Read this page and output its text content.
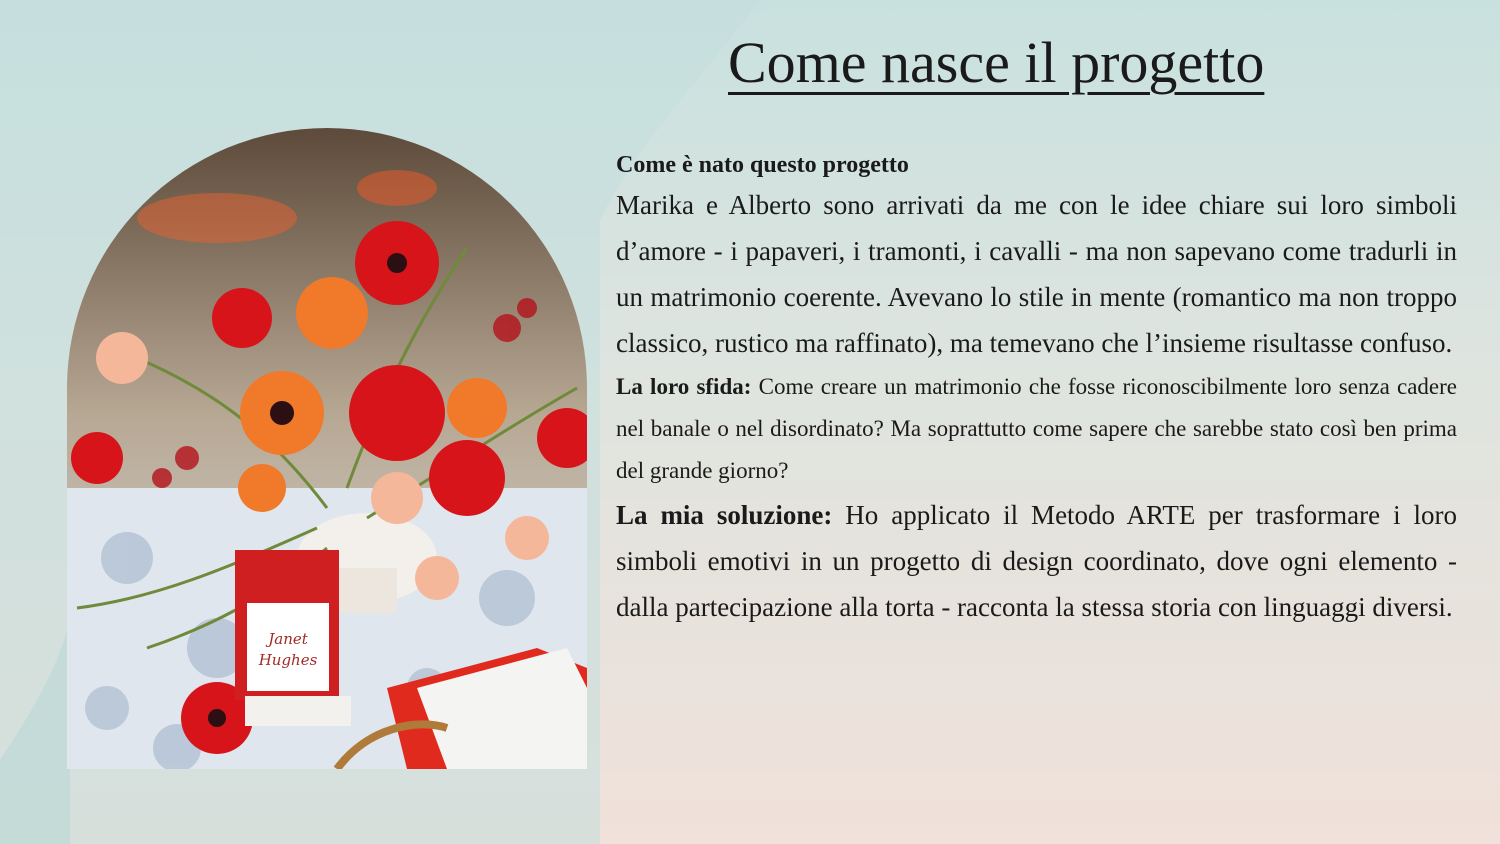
Come nasce il progetto
Janet
Hughes

Come è nato questo progetto

Marika e Alberto sono arrivati da me con le idee chiare sui loro simboli d’amore - i papaveri, i tramonti, i cavalli - ma non sapevano come tradurli in un matrimonio coerente. Avevano lo stile in mente (romantico ma non troppo classico, rustico ma raffinato), ma temevano che l’insieme risultasse confuso.

La loro sfida: Come creare un matrimonio che fosse riconoscibilmente loro senza cadere nel banale o nel disordinato? Ma soprattutto come sapere che sarebbe stato così ben prima del grande giorno?

La mia soluzione: Ho applicato il Metodo ARTE per trasformare i loro simboli emotivi in un progetto di design coordinato, dove ogni elemento - dalla partecipazione alla torta - racconta la stessa storia con linguaggi diversi.
